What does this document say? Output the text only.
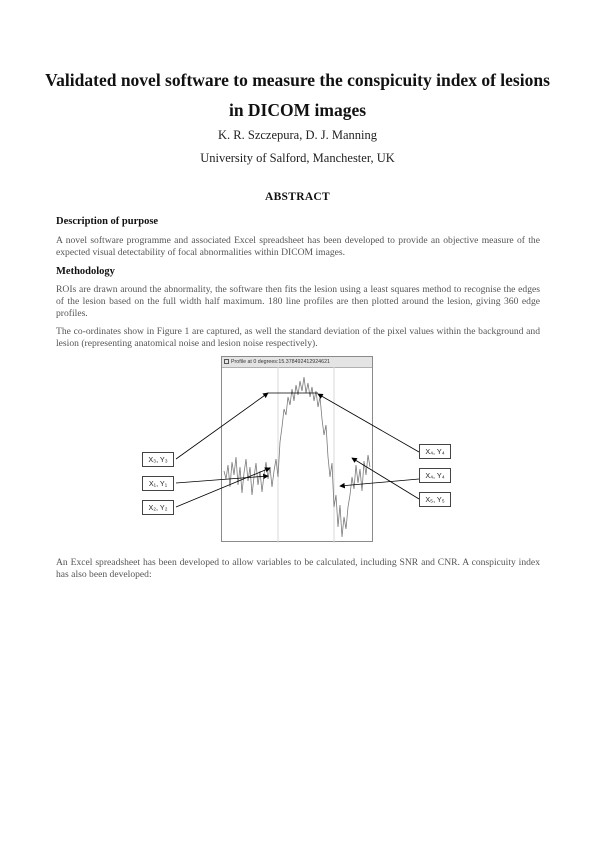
Validated novel software to measure the conspicuity index of lesions
in DICOM images
K. R. Szczepura, D. J. Manning
University of Salford, Manchester, UK
ABSTRACT
Description of purpose
A novel software programme and associated Excel spreadsheet has been developed to provide an objective measure of the expected visual detectability of focal abnormalities within DICOM images.
Methodology
ROIs are drawn around the abnormality, the software then fits the lesion using a least squares method to recognise the edges of the lesion based on the full width half maximum. 180 line profiles are then plotted around the lesion, giving 360 edge profiles.
The co-ordinates show in Figure 1 are captured, as well the standard deviation of the pixel values within the background and lesion (representing anatomical noise and lesion noise respectively).
Profile at 0 degrees:15.378492412924621
X₃, Y₃
X₁, Y₁
X₂, Y₂
X₄, Y₄
X₄, Y₄
X₅, Y₅
An Excel spreadsheet has been developed to allow variables to be calculated, including SNR and CNR. A conspicuity index has also been developed:
